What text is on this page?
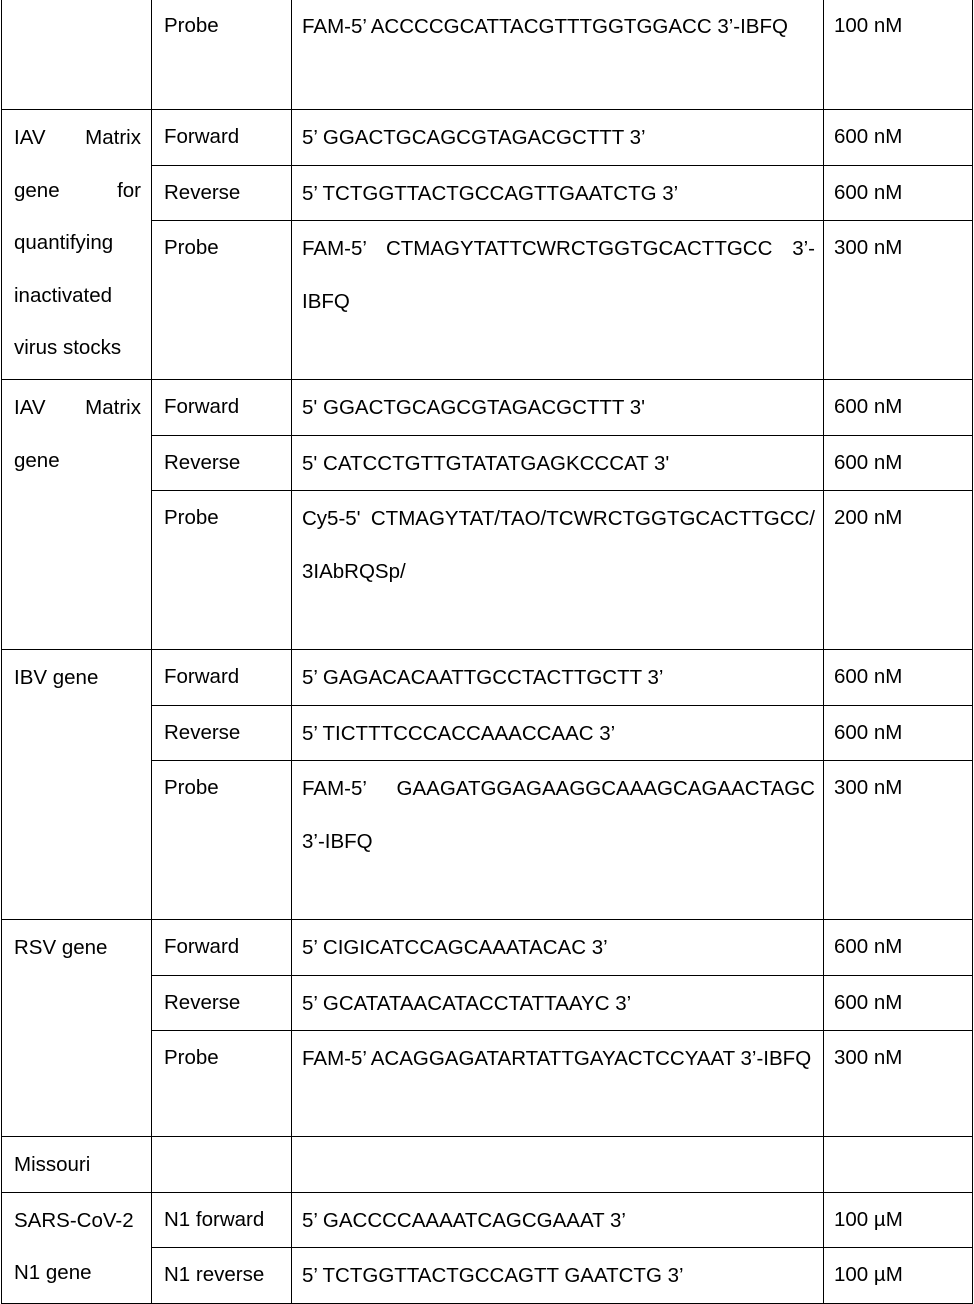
	Probe	FAM-5’ ACCCCGCATTACGTTTGGTGGACC 3’-IBFQ	100 nM
IAV Matrix gene for quantifying inactivated virus stocks	Forward	5’ GGACTGCAGCGTAGACGCTTT 3’	600 nM
	Reverse	5’ TCTGGTTACTGCCAGTTGAATCTG 3’	600 nM
	Probe	FAM-5’ CTMAGYTATTCWRCTGGTGCACTTGCC 3’-IBFQ	300 nM
IAV Matrix gene	Forward	5' GGACTGCAGCGTAGACGCTTT 3'	600 nM
	Reverse	5' CATCCTGTTGTATATGAGKCCCAT 3'	600 nM
	Probe	Cy5-5' CTMAGYTAT/TAO/TCWRCTGGTGCACTTGCC/ 3IAbRQSp/	200 nM
IBV gene	Forward	5’ GAGACACAATTGCCTACTTGCTT 3’	600 nM
	Reverse	5’ TICTTTCCCACCAAACCAAC 3’	600 nM
	Probe	FAM-5’ GAAGATGGAGAAGGCAAAGCAGAACTAGC 3’-IBFQ	300 nM
RSV gene	Forward	5’ CIGICATCCAGCAAATACAC 3’	600 nM
	Reverse	5’ GCATATAACATACCTATTAAYC 3’	600 nM
	Probe	FAM-5’ ACAGGAGATARTATTGAYACTCCYAAT 3’-IBFQ	300 nM
Missouri			
SARS-CoV-2 N1 gene	N1 forward	5’ GACCCCAAAATCAGCGAAAT 3’	100 µM
	N1 reverse	5’ TCTGGTTACTGCCAGTT GAATCTG 3’	100 µM
